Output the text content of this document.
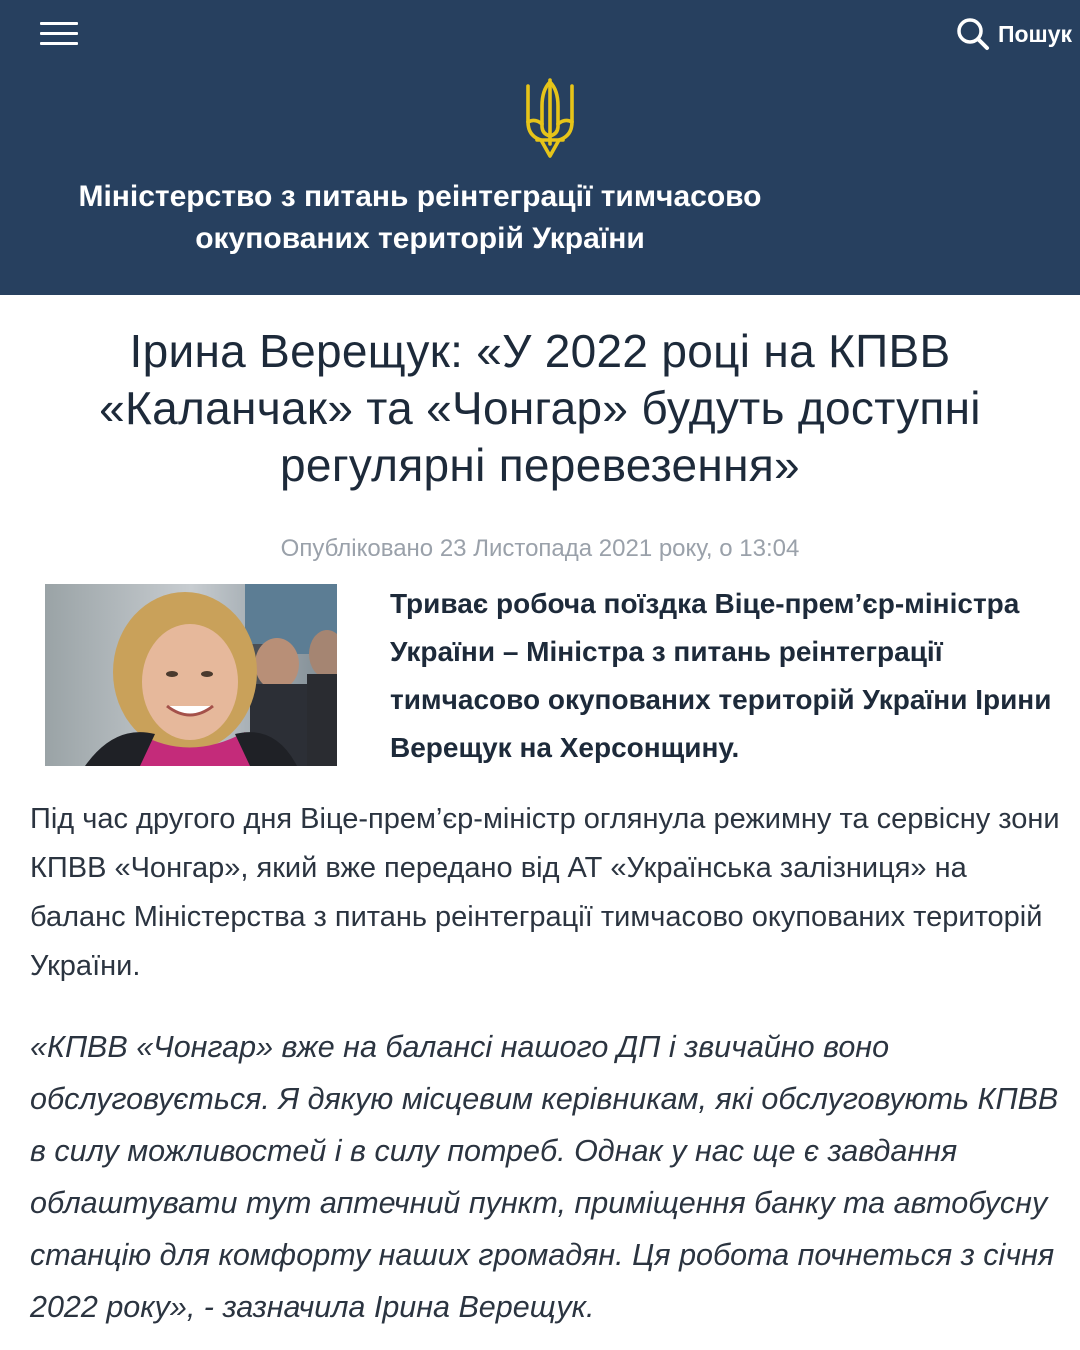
Пошук
Міністерство з питань реінтеграції тимчасово окупованих територій України
Ірина Верещук: «У 2022 році на КПВВ «Каланчак» та «Чонгар» будуть доступні регулярні перевезення»
Опубліковано 23 Листопада 2021 року, о 13:04

Триває робоча поїздка Віце-прем’єр-міністра України – Міністра з питань реінтеграції тимчасово окупованих територій України Ірини Верещук на Херсонщину.

Під час другого дня Віце-прем’єр-міністр оглянула режимну та сервісну зони КПВВ «Чонгар», який вже передано від АТ «Українська залізниця» на баланс Міністерства з питань реінтеграції тимчасово окупованих територій України.

«КПВВ «Чонгар» вже на балансі нашого ДП і звичайно воно обслуговується. Я дякую місцевим керівникам, які обслуговують КПВВ в силу можливостей і в силу потреб. Однак у нас ще є завдання облаштувати тут аптечний пункт, приміщення банку та автобусну станцію для комфорту наших громадян. Ця робота почнеться з січня 2022 року», - зазначила Ірина Верещук.
